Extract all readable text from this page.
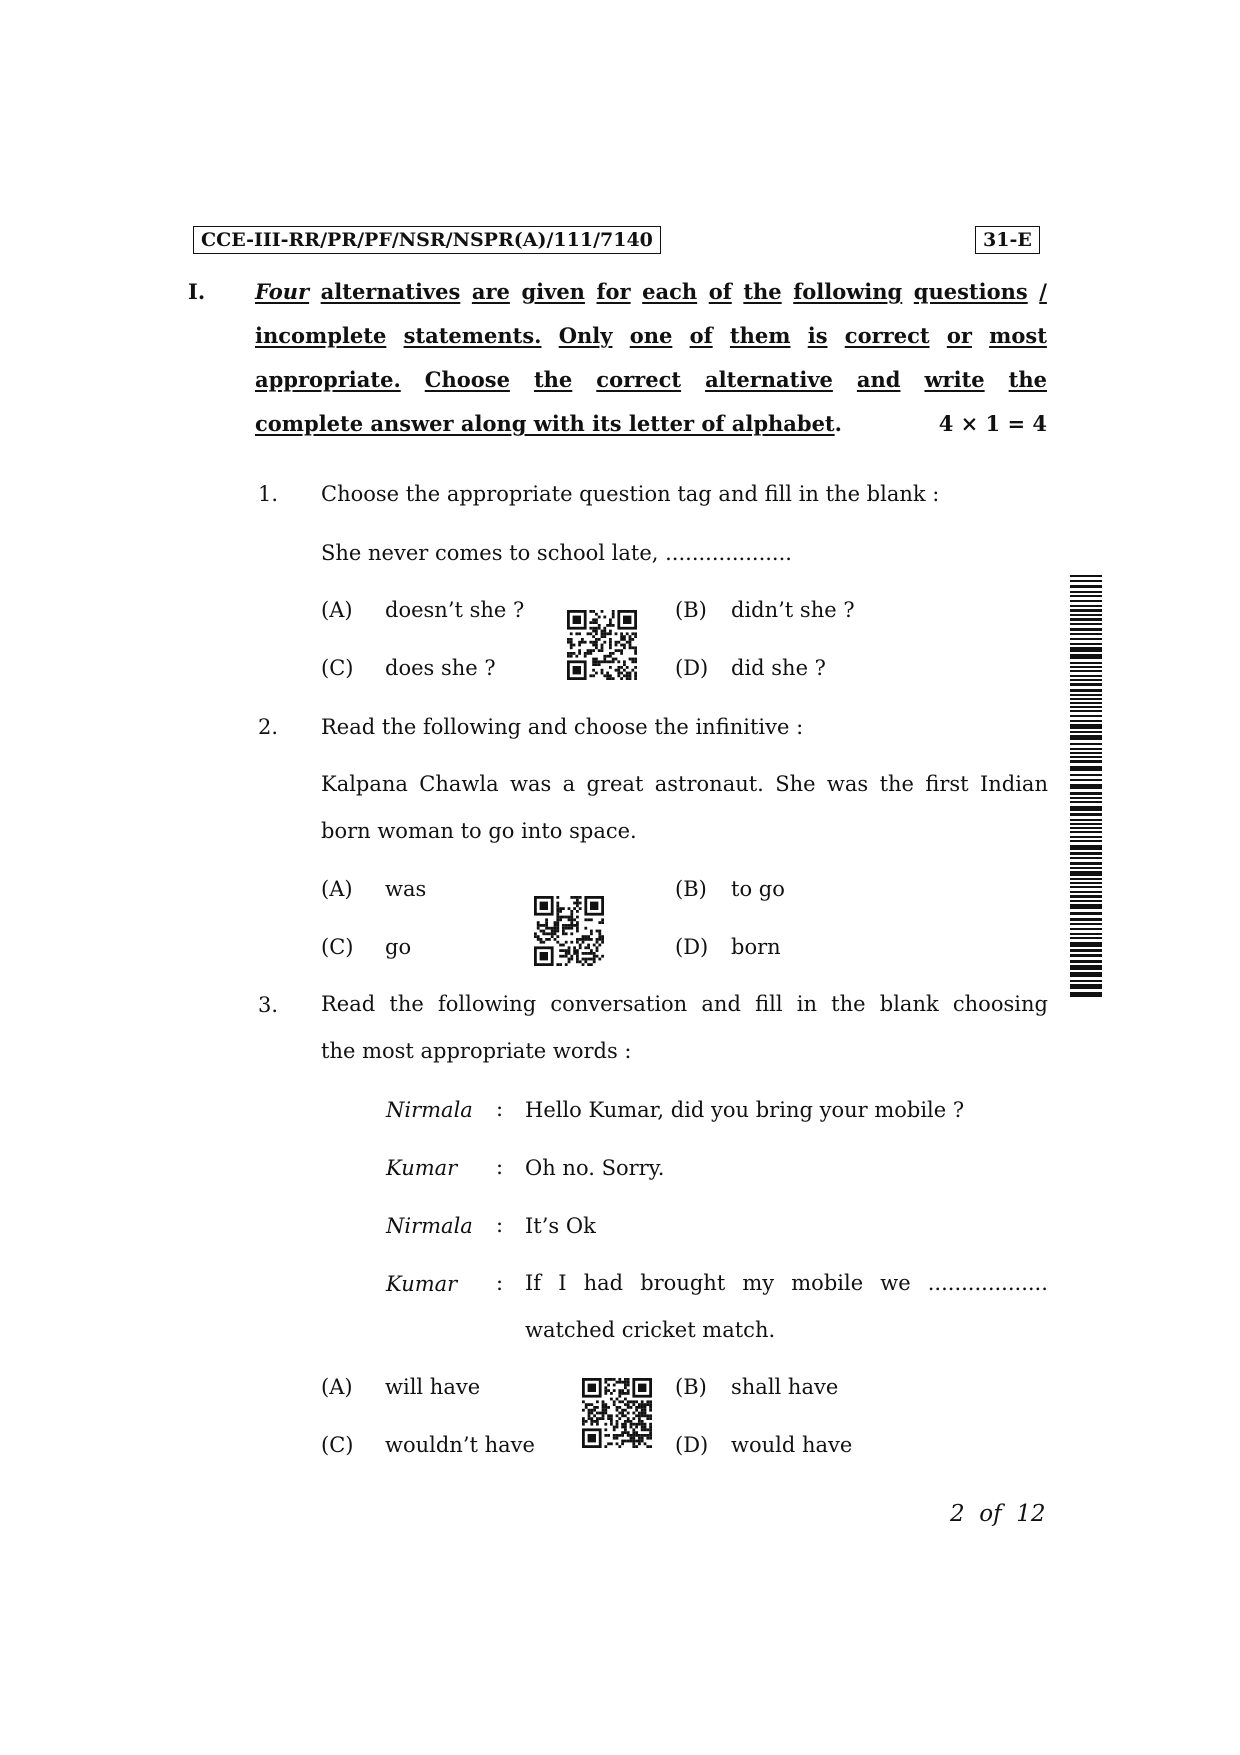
CCE-III-RR/PR/PF/NSR/NSPR(A)/111/7140	31-E
I. Four alternatives are given for each of the following questions /
incomplete statements. Only one of them is correct or most
appropriate. Choose the correct alternative and write the
complete answer along with its letter of alphabet.	4 × 1 = 4
1. Choose the appropriate question tag and fill in the blank :
She never comes to school late, ...................
(A) doesn’t she ?	(B) didn’t she ?
(C) does she ?	(D) did she ?
2. Read the following and choose the infinitive :
Kalpana Chawla was a great astronaut. She was the first Indian
born woman to go into space.
(A) was	(B) to go
(C) go	(D) born
3. Read the following conversation and fill in the blank choosing
the most appropriate words :
Nirmala : Hello Kumar, did you bring your mobile ?
Kumar : Oh no. Sorry.
Nirmala : It’s Ok
Kumar : If I had brought my mobile we ..................
watched cricket match.
(A) will have	(B) shall have
(C) wouldn’t have	(D) would have
2  of  12
